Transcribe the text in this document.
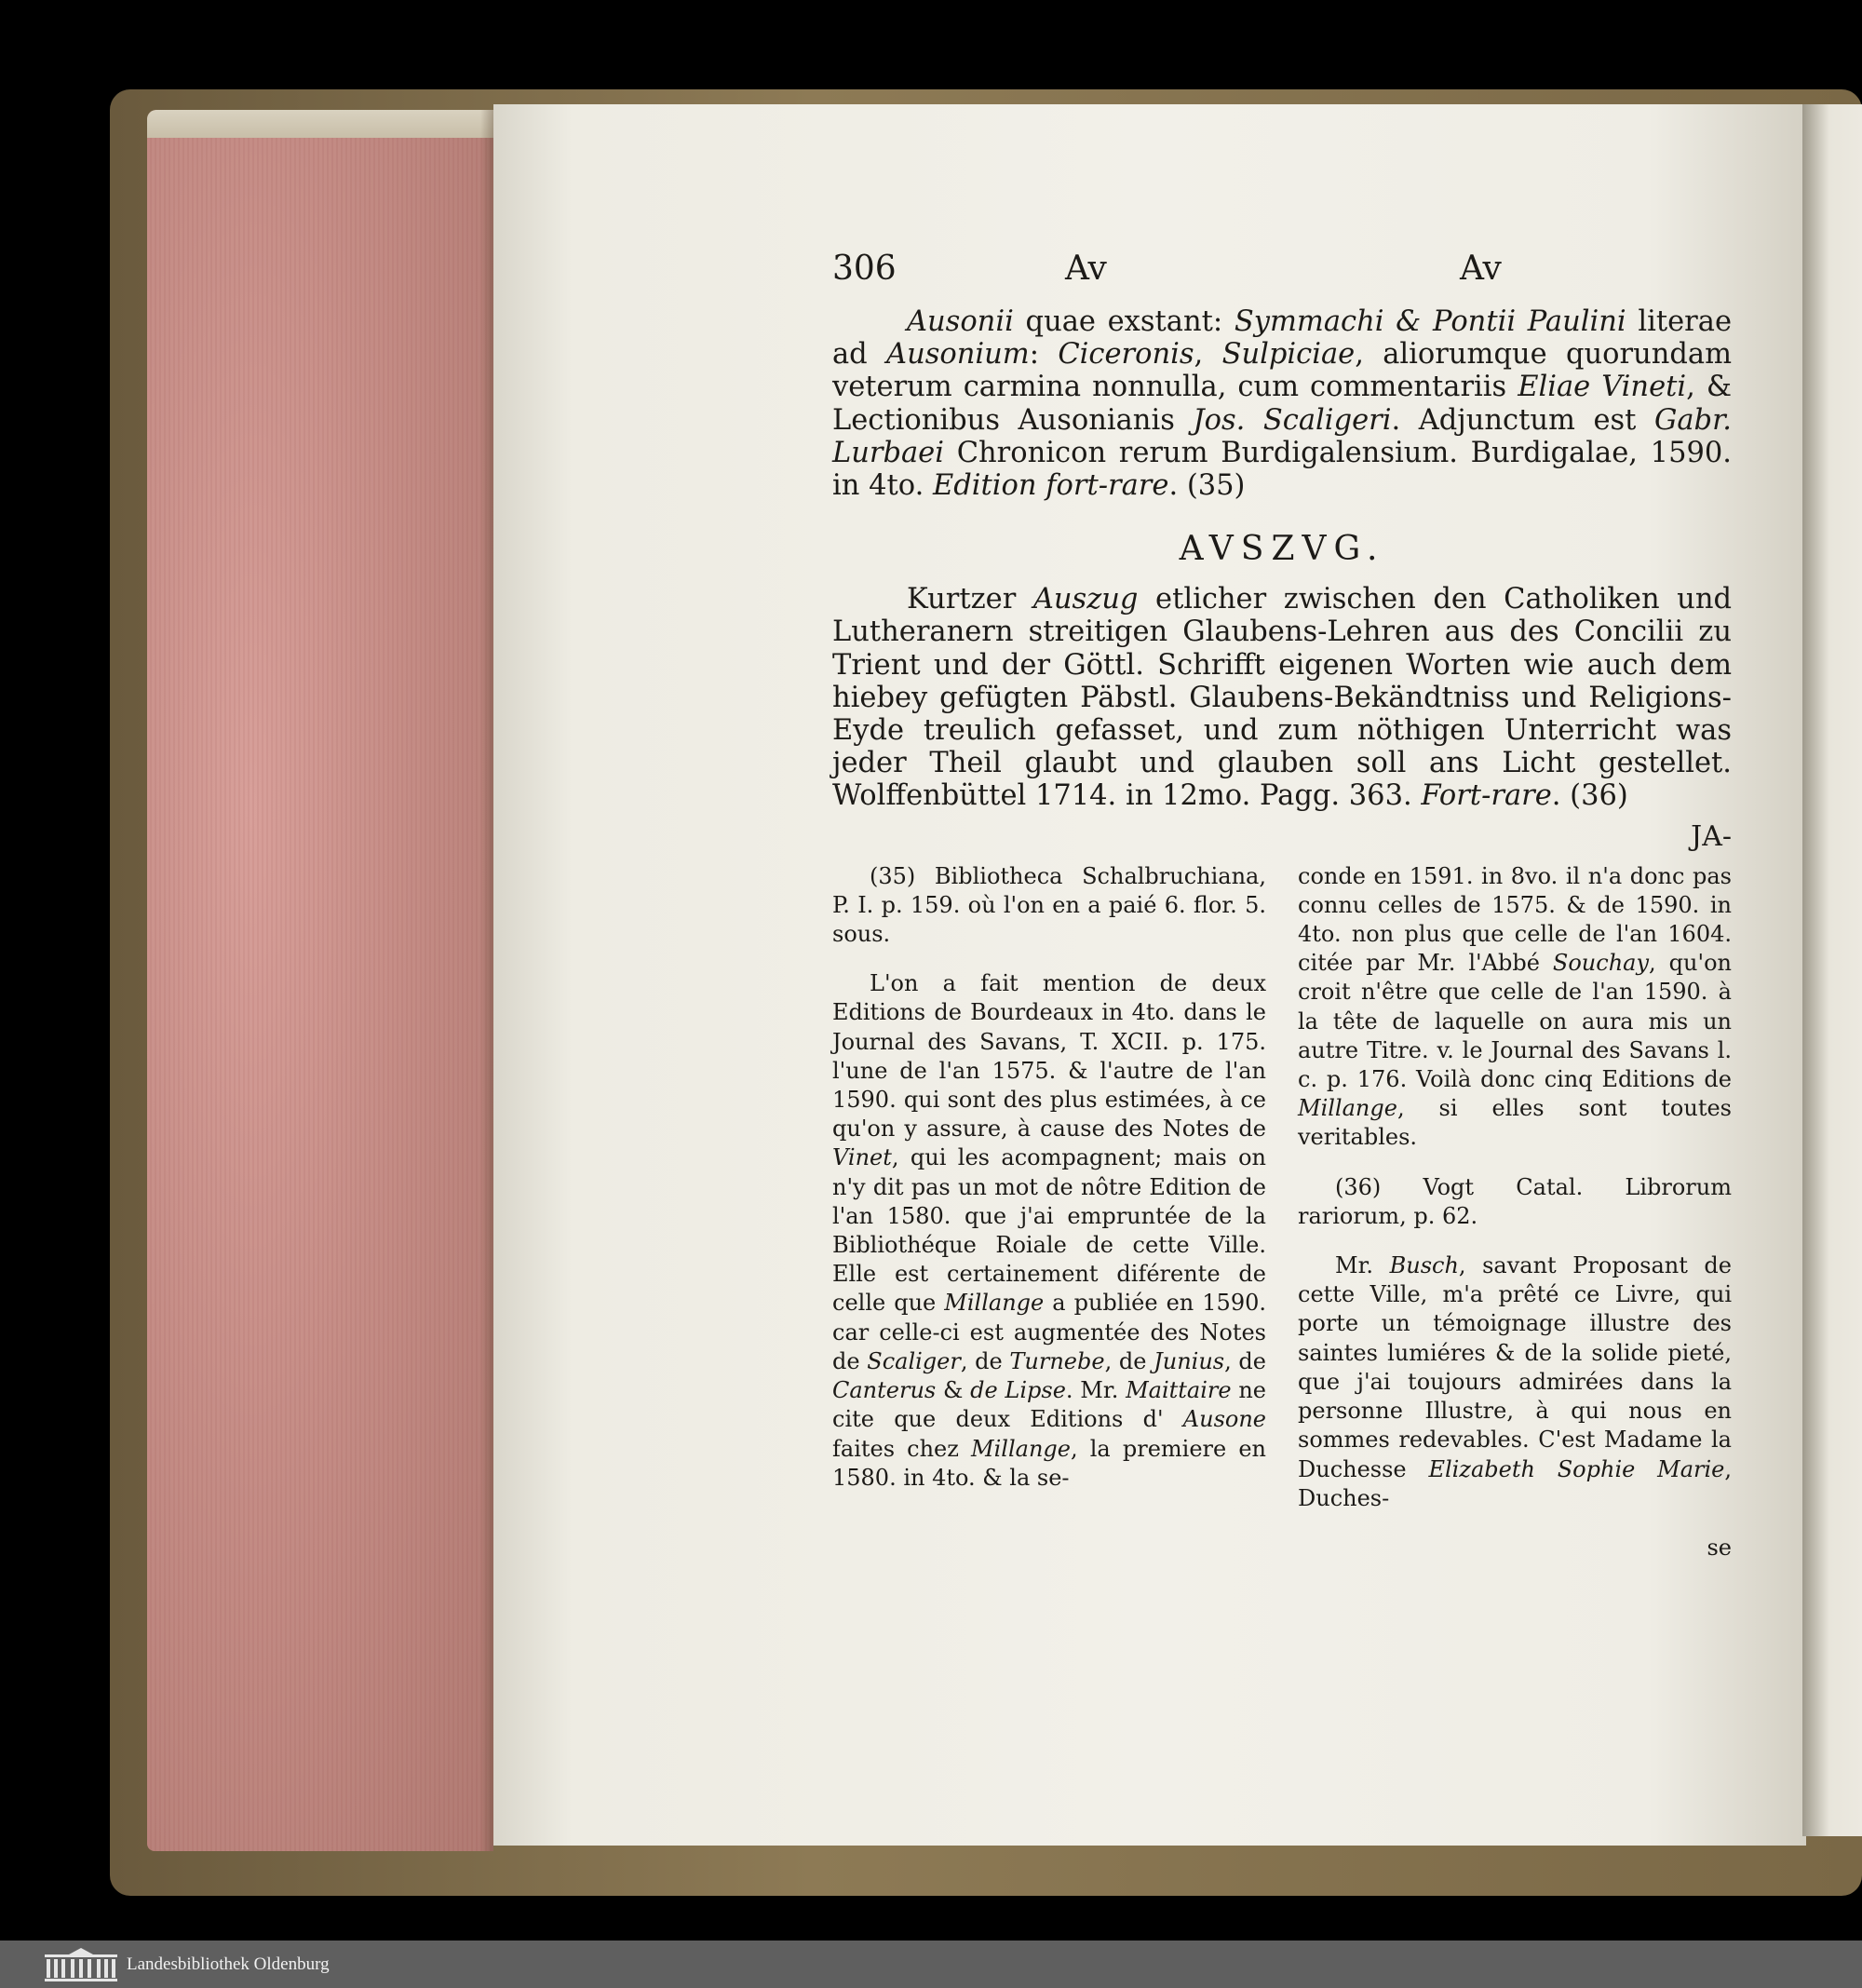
306	Av	Av

Ausonii quae exstant: Symmachi & Pontii Paulini literae ad Ausonium: Ciceronis, Sulpiciae, aliorumque quorundam veterum carmina nonnulla, cum commentariis Eliae Vineti, & Lectionibus Ausonianis Jos. Scaligeri. Adjunctum est Gabr. Lurbaei Chronicon rerum Burdigalensium. Burdigalae, 1590. in 4to. Edition fort-rare. (35)

AVSZVG.

Kurtzer Auszug etlicher zwischen den Catholiken und Lutheranern streitigen Glaubens-Lehren aus des Concilii zu Trient und der Göttl. Schrifft eigenen Worten wie auch dem hiebey gefügten Päbstl. Glaubens-Bekändtniss und Religions-Eyde treulich gefasset, und zum nöthigen Unterricht was jeder Theil glaubt und glauben soll ans Licht gestellet. Wolffenbüttel 1714. in 12mo. Pagg. 363. Fort-rare. (36)

JA-

(35) Bibliotheca Schalbruchiana, P. I. p. 159. où l'on en a paié 6. flor. 5. sous.

L'on a fait mention de deux Editions de Bourdeaux in 4to. dans le Journal des Savans, T. XCII. p. 175. l'une de l'an 1575. & l'autre de l'an 1590. qui sont des plus estimées, à ce qu'on y assure, à cause des Notes de Vinet, qui les acompagnent; mais on n'y dit pas un mot de nôtre Edition de l'an 1580. que j'ai empruntée de la Bibliothéque Roiale de cette Ville. Elle est certainement diférente de celle que Millange a publiée en 1590. car celle-ci est augmentée des Notes de Scaliger, de Turnebe, de Junius, de Canterus & de Lipse. Mr. Maittaire ne cite que deux Editions d' Ausone faites chez Millange, la premiere en 1580. in 4to. & la se-

conde en 1591. in 8vo. il n'a donc pas connu celles de 1575. & de 1590. in 4to. non plus que celle de l'an 1604. citée par Mr. l'Abbé Souchay, qu'on croit n'être que celle de l'an 1590. à la tête de laquelle on aura mis un autre Titre. v. le Journal des Savans l. c. p. 176. Voilà donc cinq Editions de Millange, si elles sont toutes veritables.

(36) Vogt Catal. Librorum rariorum, p. 62.

Mr. Busch, savant Proposant de cette Ville, m'a prêté ce Livre, qui porte un témoignage illustre des saintes lumiéres & de la solide pieté, que j'ai toujours admirées dans la personne Illustre, à qui nous en sommes redevables. C'est Madame la Duchesse Elizabeth Sophie Marie, Duches-

se

Landesbibliothek Oldenburg
